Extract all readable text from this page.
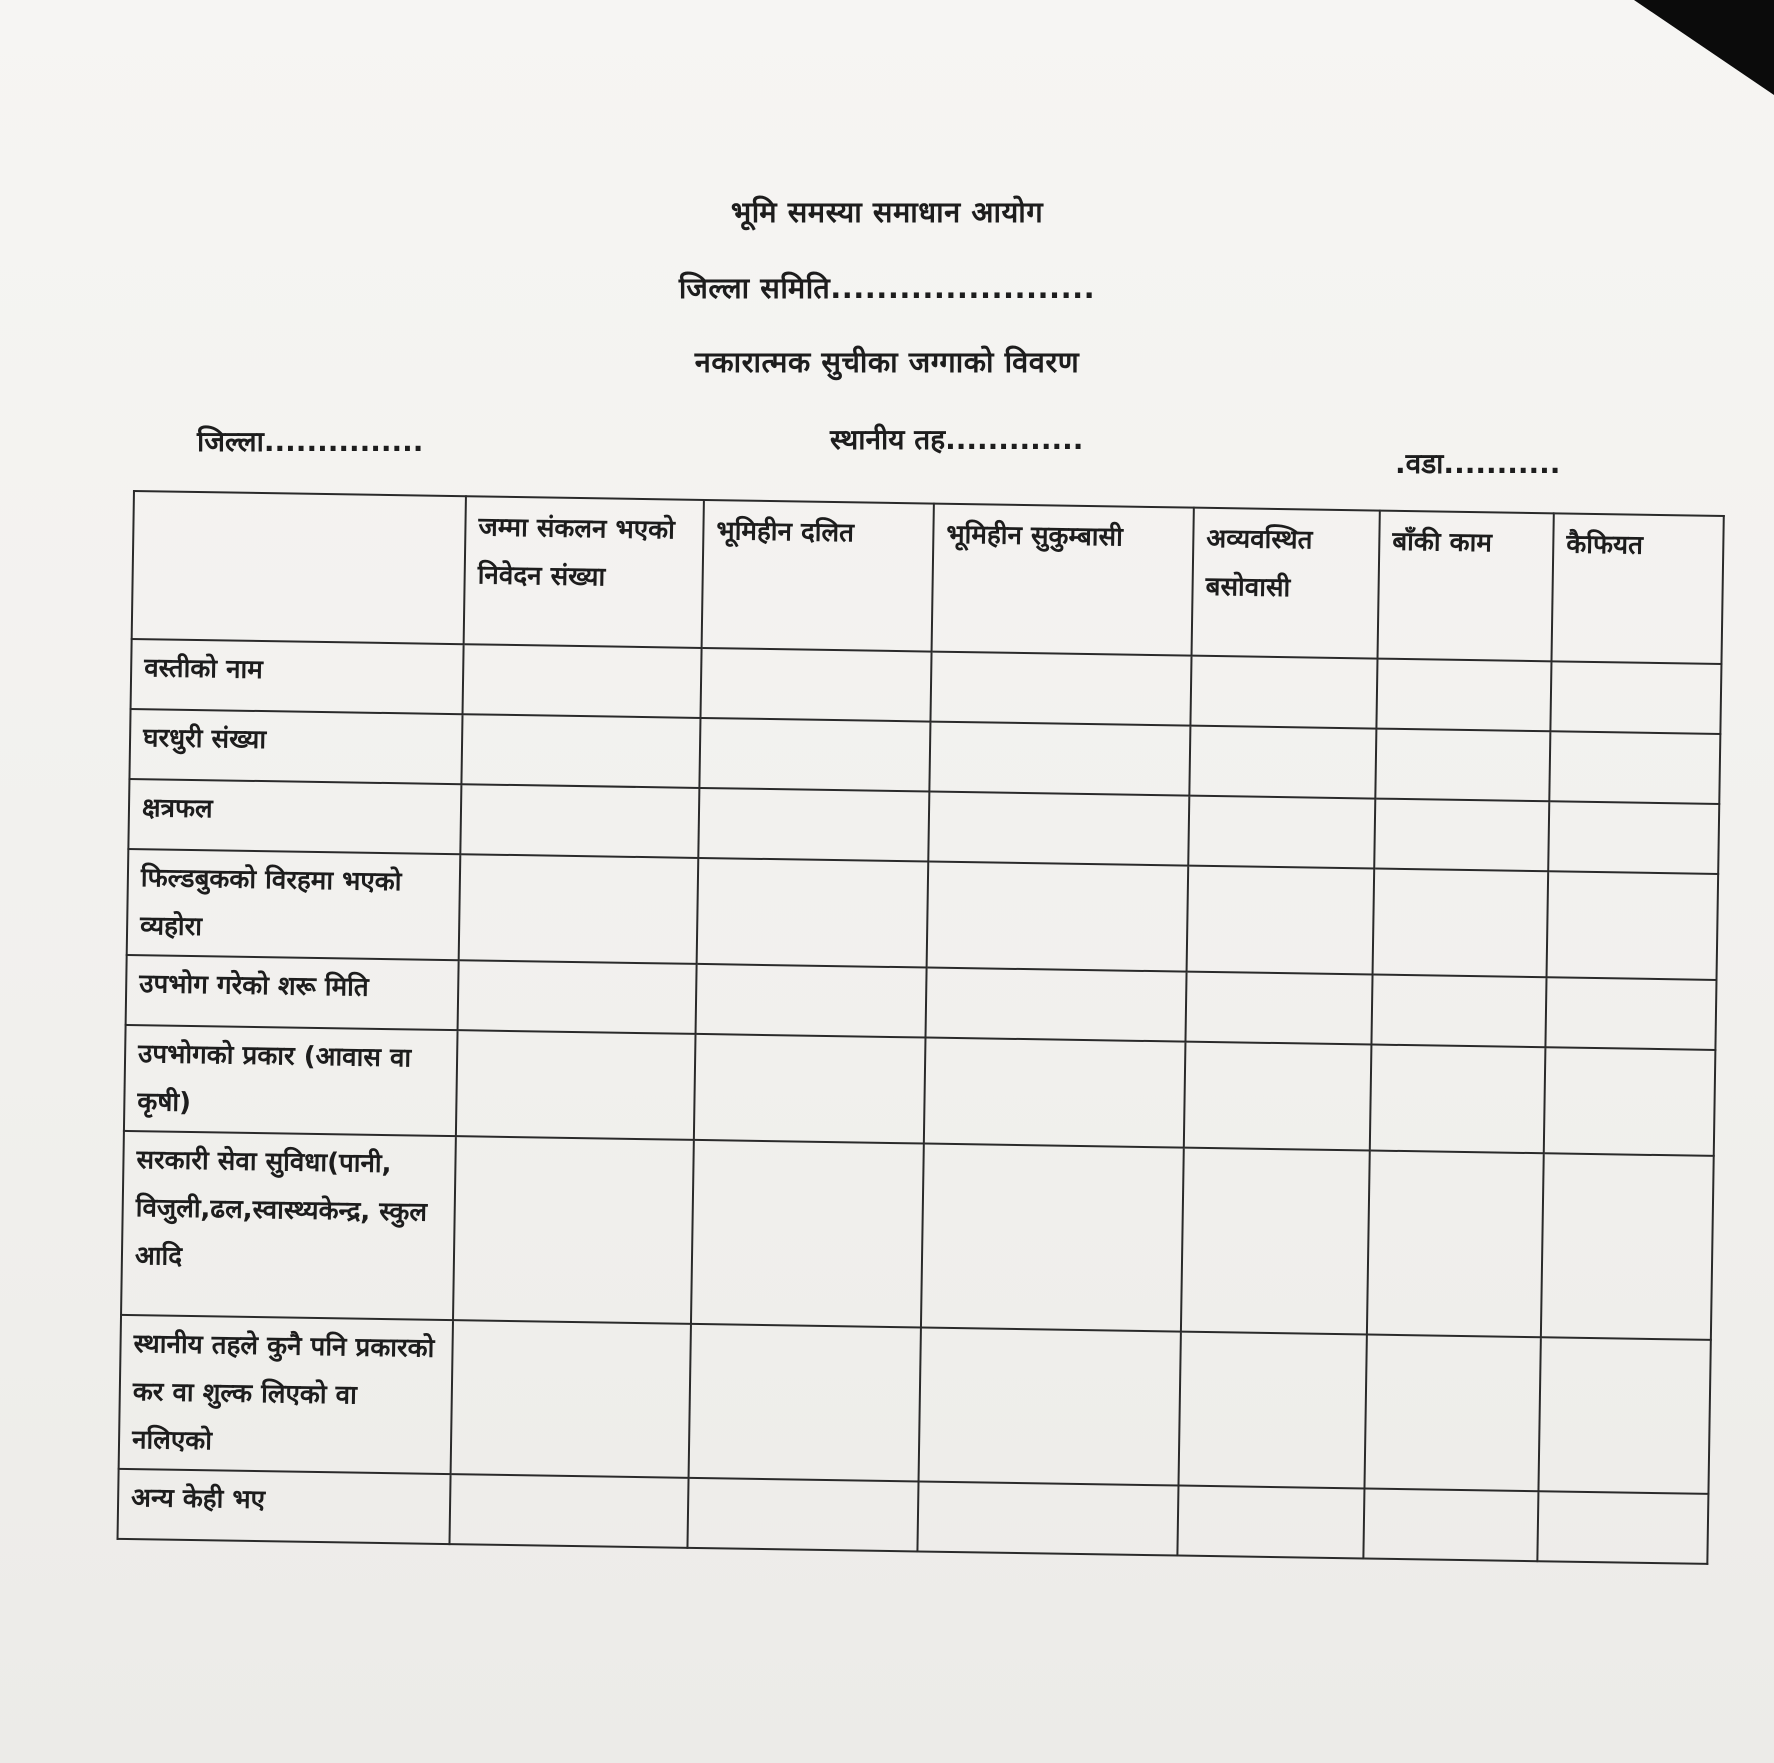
भूमि समस्या समाधान आयोग
जिल्ला समिति.......................
नकारात्मक सुचीका जग्गाको विवरण
जिल्ला...............	स्थानीय तह.............
.वडा...........
	जम्मा संकलन भएको निवेदन संख्या	भूमिहीन दलित	भूमिहीन सुकुम्बासी	अव्यवस्थित बसोवासी	बाँकी काम	कैफियत
वस्तीको नाम						
घरधुरी संख्या						
क्षत्रफल						
फिल्डबुकको विरहमा भएको व्यहोरा						
उपभोग गरेको शरू मिति						
उपभोगको प्रकार (आवास वा कृषी)						
सरकारी सेवा सुविधा(पानी, विजुली,ढल,स्वास्थ्यकेन्द्र, स्कुल आदि						
स्थानीय तहले कुनै पनि प्रकारको कर वा शुल्क लिएको वा नलिएको						
अन्य केही भए						
